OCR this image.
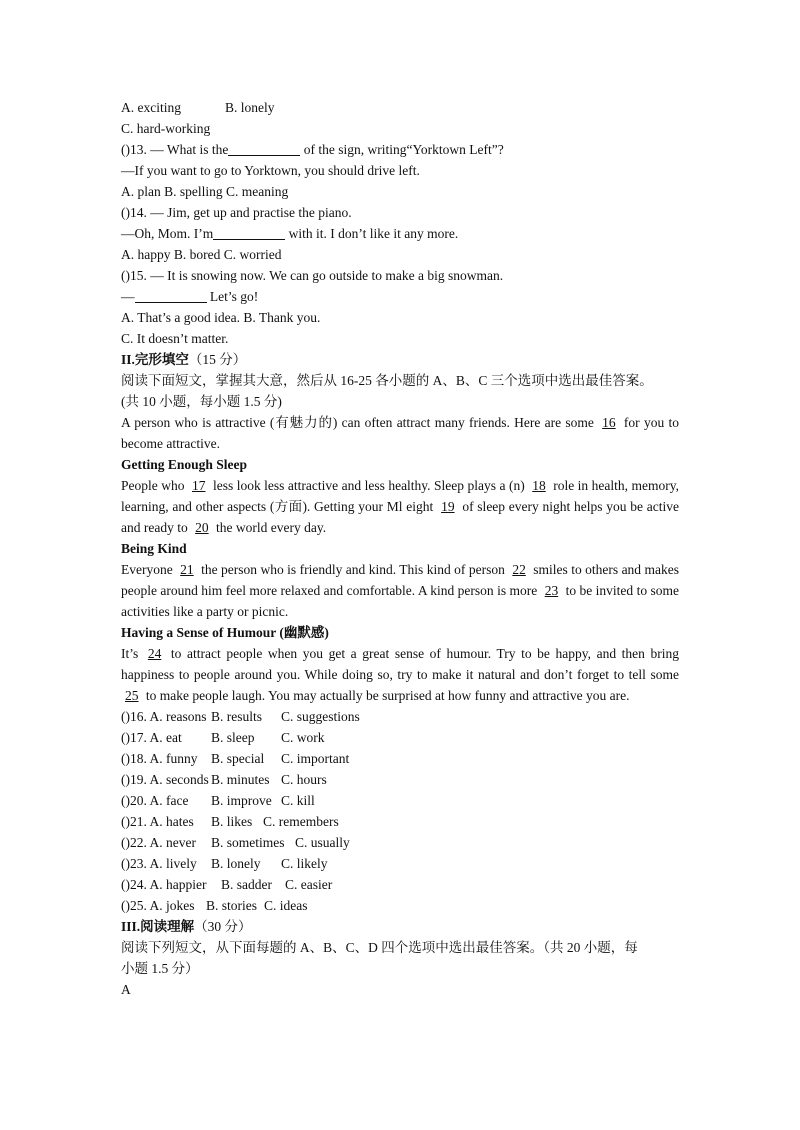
A. exciting	B. lonely
C. hard-working
()13. — What is the	of the sign, writing“Yorktown Left”?
—If you want to go to Yorktown, you should drive left.
A. plan B. spelling C. meaning
()14. — Jim, get up and practise the piano.
—Oh, Mom. I’m	with it. I don’t like it any more.
A. happy B. bored C. worried
()15. — It is snowing now. We can go outside to make a big snowman.
—	Let’s go!
A. That’s a good idea. B. Thank you.
C. It doesn’t matter.
II.完形填空（15 分）
阅读下面短文，掌握其大意，然后从 16-25 各小题的 A、B、C 三个选项中选出最佳答案。
(共 10 小题，每小题 1.5 分)
A person who is attractive (有魅力的) can often attract many friends. Here are some 16 for you to become attractive.
Getting Enough Sleep
People who 17 less look less attractive and less healthy. Sleep plays a (n) 18 role in health, memory, learning, and other aspects (方面). Getting your Ml eight 19 of sleep every night helps you be active and ready to 20 the world every day.
Being Kind
Everyone 21 the person who is friendly and kind. This kind of person 22 smiles to others and makes people around him feel more relaxed and comfortable. A kind person is more 23 to be invited to some activities like a party or picnic.
Having a Sense of Humour (幽默感)
It’s 24 to attract people when you get a great sense of humour. Try to be happy, and then bring happiness to people around you. While doing so, try to make it natural and don’t forget to tell some 25 to make people laugh. You may actually be surprised at how funny and attractive you are.
()16. A. reasons B. results C. suggestions
()17. A. eat B. sleep C. work
()18. A. funny B. special C. important
()19. A. seconds B. minutes C. hours
()20. A. face B. improve C. kill
()21. A. hates B. likes C. remembers
()22. A. never B. sometimes C. usually
()23. A. lively B. lonely C. likely
()24. A. happier B. sadder C. easier
()25. A. jokes B. stories C. ideas
III.阅读理解（30 分）
阅读下列短文，从下面每题的 A、B、C、D 四个选项中选出最佳答案。（共 20 小题，每
小题 1.5 分）
A
